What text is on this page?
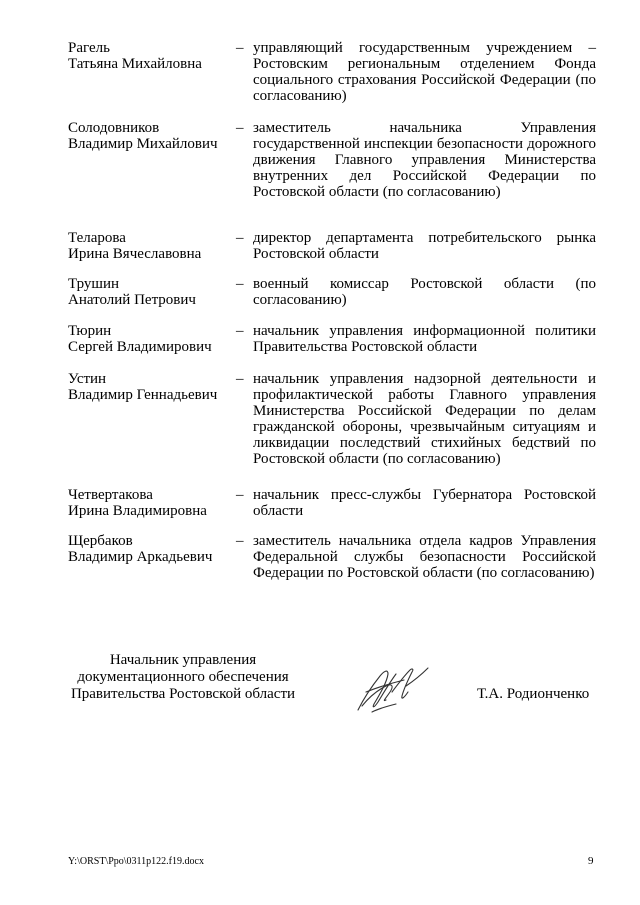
Рагель
Татьяна Михайловна
– управляющий государственным учреждением – Ростовским региональным отделением Фонда социального страхования Российской Федерации (по согласованию)
Солодовников
Владимир Михайлович
– заместитель начальника Управления государственной инспекции безопасности дорожного движения Главного управления Министерства внутренних дел Российской Федерации по Ростовской области (по согласованию)
Теларова
Ирина Вячеславовна
– директор департамента потребительского рынка Ростовской области
Трушин
Анатолий Петрович
– военный комиссар Ростовской области (по согласованию)
Тюрин
Сергей Владимирович
– начальник управления информационной политики Правительства Ростовской области
Устин
Владимир Геннадьевич
– начальник управления надзорной деятельности и профилактической работы Главного управления Министерства Российской Федерации по делам гражданской обороны, чрезвычайным ситуациям и ликвидации последствий стихийных бедствий по Ростовской области (по согласованию)
Четвертакова
Ирина Владимировна
– начальник пресс-службы Губернатора Ростовской области
Щербаков
Владимир Аркадьевич
– заместитель начальника отдела кадров Управления Федеральной службы безопасности Российской Федерации по Ростовской области (по согласованию)
Начальник управления
документационного обеспечения
Правительства Ростовской области	Т.А. Родионченко
Y:\ORST\Ppo\0311p122.f19.docx	9
